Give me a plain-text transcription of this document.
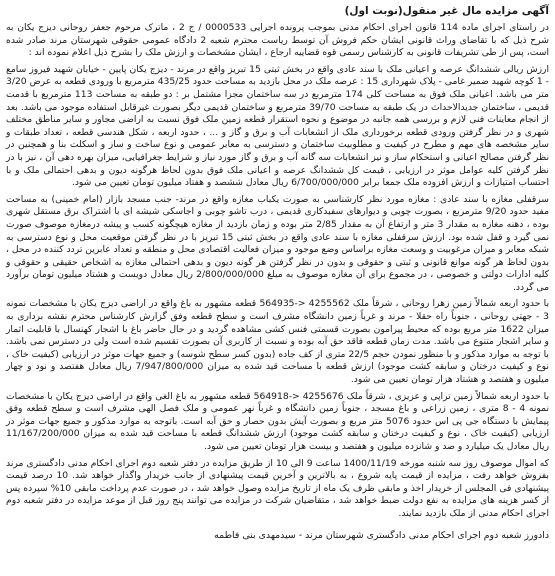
آگهی مزایده مال غیر منقول(نوبت اول)
در راستای اجرای ماده 114 قانون اجرای احکام مدنی بموجب پرونده اجرایی 0000533 / ج 2 ، ماترک مرحوم جعفر روحانی دیزج یکان به شرح ذیل که با تقاضای وراث قانونی ایشان حکم فروش آن توسط ریاست محترم شعبه 2 دادگاه عمومی حقوقی شهرستان مرند صادر شده است، پس از طی تشریفات قانونی به کارشناس رسمی قوه قضاییه ارجاع ، ایشان مشخصات و ارزش ملک را بشرح ذیل اعلام نموده اند :
ارزش ریالی ششدانگ عرصه و اعیانی ملک با سند عادی واقع در بخش ثبتی 15 تبریز واقع در مرند - دیزج یکان پایین - خیابان شهید فیروز سامع - 1 کوچه شهید ضمیر غامی - پلاک شهرداری 15 : عرصه ملک در محل بازدید به مساحت حدود 435/25 مترمربع با ورودی قطعه به عرض 3/20 متر می باشد. اعیانی ملک فوق به مساحت کلی 174 مترمربع در سه ساختمان مجزا مشتمل بر : دو طبقه به مساحت 113 مترمربع با قدمت قدیمی ، ساختمان جدیدالاحداث در یک طبقه به مساحت 39/70 مترمربع و ساختمان قدیمی دیگر بصورت غیرقابل استفاده موجود می باشد. بعد از انجام معاینات فنی لازم و بررسی همه جانبه در موضوع و نحوه استقرار قطعه زمین ملک فوق نسبت به اراضی مجاور و سایر مناطق مختلف شهری و در نظر گرفتن ورودی قطعه برخورداری ملک از انشعابات آب و برق و گاز و ... ، حدود اربعه ، شکل هندسی قطعه ، تعداد طبقات و سایر مشخصه های مهم و مطرح در کیفیت و مطلوبیت ساختمان و دسترسی به معابر عمومی و نوع ساخت و ساز و اسکلت بنا و همچنین در نظر گرفتن مصالح اعیانی و استحکام ساز و نیز انشعابات سه گانه آب و برق و گاز مورد نیاز و شرایط جغرافیایی، میزان بهره دهی آن ، نیز با در نظر گرفتن کلیه عوامل موثر در ارزیابی ، قیمت کل ششدانگ عرصه و اعیانی ملک فوق بدون لحاظ هرگونه دیون و بدهی احتمالی ملک و با احتساب امتیازات و ارزش افزوده ملک جمعا برابر 6/700/000/000 ریال معادل ششصد و هفتاد میلیون تومان تعیین می شود.
سرقفلی مغازه با سند عادی : مغازه مورد نظر کارشناسی به صورت یکباب مغازه واقع در مرند- جنب مسجد بازار (امام خمینی) به مساحت مفید حدود 9/20 مترمربع ، بصورت چوبی و دیوارهای سفیدکاری قدیمی ، درب تاشو چوبی و اجاسکی شیشه ای با اشتراک برق مستقل شهری بوده ، دهنه مغازه به مقدار 3 متر و ارتفاع آن به مقدار 2/85 متر بوده و زمان بازدید از مغازه هیچگونه کسب و پیشه درمغازه موصوف صورت نمی گیرد و قفل شده بود. ارزش سرقفلی مغازه با سند عادی واقع در بخش ثبتی 15 تبریز با در نظر گرفتن موقعیت محل و نوع دسترسی به شبکه معابر و میزان مرغوبیت و وسعت مغازه براساس وضع موجود و میزان فعالیت اقتصادی محل و منطقه و تعداد عابرین تردد کننده در محل ، بدون لحاظ هر گونه موانع قانونی و ثبتی و حقوقی و بدون در نظر گرفتن هر گونه دیون و بدهی احتمالی مغازه به اشخاص حقیقی و حقوقی و کلیه ادارات دولتی و خصوصی ، در مجموع برای آن مغازه موصوف به مبلغ 2/800/000/000 ریال معادل دویست و هشتاد میلیون تومان برآورد می گردد.
با حدود اربعه شمالاً زمین زهرا روحانی ، شرقاً ملک 4255562 <-564935 قطعه مشهور به باغ واقع در اراضی دیزج یکان با مشخصات نمونه 3 - جهتی روحانی ، جنوباً راه حقلا - مرند و غرباً زمین دانشگاه مشرف است و سطح قطعه وفق گزارش کارشناس محترم نقشه برداری به میزان 1622 متر مربع بوده که محیط پیرامون بصورت قسمتی فنس کشی مشاهده گردید و در حال حاضر باغ با اشجار کهنسال با قابلیت اثمار و سایر اشجار متنوع می باشد. مدت زمان قطعه فاقد حق آبه بوده و نسبت از کاربری آن بصورت تقسیم شده است ولی در دسترس نمی باشد. با توجه به موارد مذکور و با منظور نمودن حجم 22/5 متری از کف جاده (بدون کسر سطح شوسه) و جمیع جهات موثر در ارزیابی (کیفیت خاک ، نوع و کیفیت درختان و سابقه کشت موجود) ارزش قطعه با مساحت قید شده به میزان 7/947/800/000 ریال معادل هفتصد و نود و چهار میلیون و هفتصد و هشتاد هزار تومان تعیین می شود.
با حدود اربعه شمالاً زمین تراپی و عزیزی ، شرقاً ملک 4255676 <-564918 قطعه مشهور به باغ الغی واقع در اراضی دیزج یکان با مشخصات نمونه 4 - 8 متری ، زمین زراعی و باغ مسجد ، جنوباً زمین دانشگاه و غرباً نهر عمومی و ملک فصل الهی مشرف است و سطح قطعه وفق پیمایش با دستگاه جی پی اس حدود 5076 متر مربع و بصورت آیش بدون حصار و حق آبه است. باتوجه به موارد مذکور و جمیع جهات موثر در ارزیابی (کیفیت خاک ، نوع و کیفیت درختان و سابقه کشت موجود) ارزش ششدانگ قطعه با مساحت قید شده به میزان 11/167/200/000 ریال معادل یک میلیارد و صد و شانزده میلیون و هفتصد و بیست هزار تومان تعیین می شود.
که اموال موصوف روز سه شنبه مورخه 1400/11/19 ساعت 9 الی 10 از طریق مزایده در دفتر شعبه دوم اجرای احکام مدنی دادگستری مرند بفروش خواهد رفت ، مزایده از قیمت پایه شروع ، به بالاترین و آخرین قیمت پیشنهادی از جانب خریدار واگذار خواهد شد. 10 درصد قیمت پیشنهادی فی المجلس از خریدار اخذ و مابقی ظرف یک ماه از تاریخ مزایده وصول خواهد شد ، در صورت عدم پرداخت مابقی 10% سپرده پس از کسر هزینه های مزایده به نفع دولت ضبط خواهد شد ، متقاضیان شرکت در مزایده می توانند پنج روز قبل از موعد مزایده در دفتر شعبه دوم اجرای احکام مدنی از ملک بازدید نمایند.
دادورز شعبه دوم اجرای احکام مدنی دادگستری شهرستان مرند - سیدمهدی بنی فاطمه
